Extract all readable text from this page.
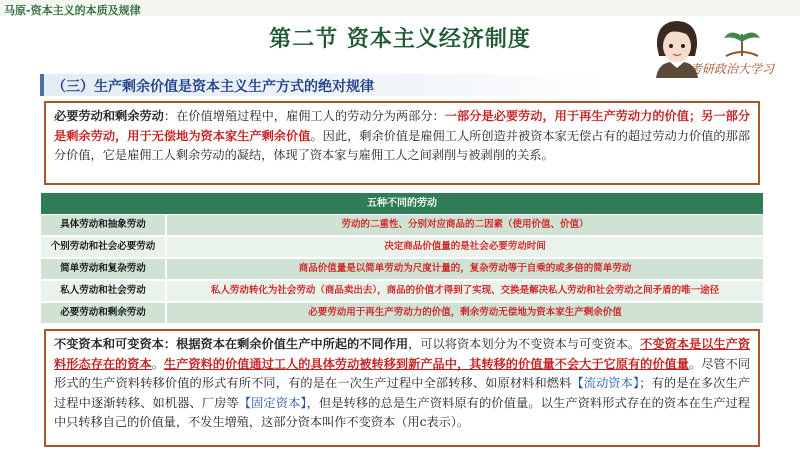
马原-资本主义的本质及规律
第二节 资本主义经济制度
考研政治大学习
（三）生产剩余价值是资本主义生产方式的绝对规律
必要劳动和剩余劳动：在价值增殖过程中，雇佣工人的劳动分为两部分：一部分是必要劳动，用于再生产劳动力的价值；另一部分是剩余劳动，用于无偿地为资本家生产剩余价值。因此，剩余价值是雇佣工人所创造并被资本家无偿占有的超过劳动力价值的那部分价值，它是雇佣工人剩余劳动的凝结，体现了资本家与雇佣工人之间剥削与被剥削的关系。
五种不同的劳动
具体劳动和抽象劳动	劳动的二重性、分别对应商品的二因素（使用价值、价值）
个别劳动和社会必要劳动	决定商品价值量的是社会必要劳动时间
简单劳动和复杂劳动	商品价值量是以简单劳动为尺度计量的，复杂劳动等于自乘的或多倍的简单劳动
私人劳动和社会劳动	私人劳动转化为社会劳动（商品卖出去），商品的价值才得到了实现、交换是解决私人劳动和社会劳动之间矛盾的唯一途径
必要劳动和剩余劳动	必要劳动用于再生产劳动力的价值，剩余劳动无偿地为资本家生产剩余价值
不变资本和可变资本：根据资本在剩余价值生产中所起的不同作用，可以将资本划分为不变资本与可变资本。不变资本是以生产资料形态存在的资本。生产资料的价值通过工人的具体劳动被转移到新产品中，其转移的价值量不会大于它原有的价值量。尽管不同形式的生产资料转移价值的形式有所不同，有的是在一次生产过程中全部转移、如原材料和燃料【流动资本】；有的是在多次生产过程中逐渐转移、如机器、厂房等【固定资本】，但是转移的总是生产资料原有的价值量。以生产资料形式存在的资本在生产过程中只转移自己的价值量，不发生增殖，这部分资本叫作不变资本（用c表示）。
